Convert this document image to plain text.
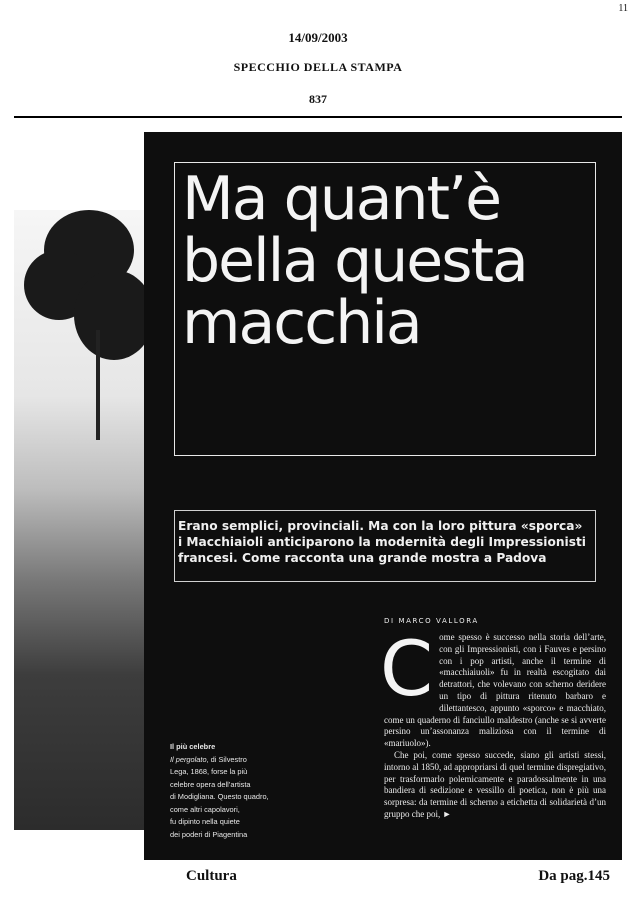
11
14/09/2003
SPECCHIO DELLA STAMPA
837
Ma quant’è
bella questa
macchia
Erano semplici, provinciali. Ma con la loro pittura «sporca»
i Macchiaioli anticiparono la modernità degli Impressionisti
francesi. Come racconta una grande mostra a Padova
DI MARCO VALLORA
C ome spesso è successo nella storia dell’arte, con gli Impressionisti, con i Fauves e persino con i pop artisti, anche il termine di «macchiaiuoli» fu in realtà escogitato dai detrattori, che volevano con scherno deridere un tipo di pittura ritenuto barbaro e dilettantesco, appunto «sporco» e macchiato, come un quaderno di fanciullo maldestro (anche se si avverte persino un’assonanza maliziosa con il termine di «mariuolo»).

Che poi, come spesso succede, siano gli artisti stessi, intorno al 1850, ad appropriarsi di quel termine dispregiativo, per trasformarlo polemicamente e paradossalmente in una bandiera di sedizione e vessillo di poetica, non è più una sorpresa: da termine di scherno a etichetta di solidarietà d’un gruppo che poi, ►

Il più celebre
Il pergolato, di Silvestro
Lega, 1868, forse la più
celebre opera dell’artista
di Modigliana. Questo quadro,
come altri capolavori,
fu dipinto nella quiete
dei poderi di Piagentina
Cultura	Da pag.145
